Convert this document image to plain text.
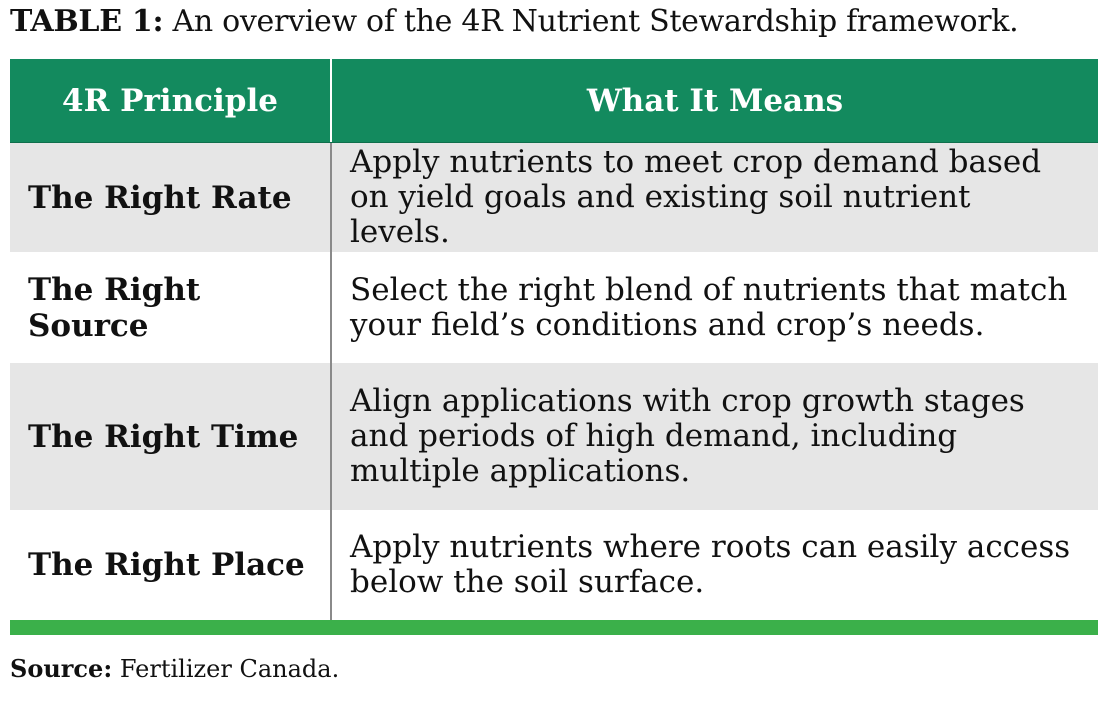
TABLE 1: An overview of the 4R Nutrient Stewardship framework.
4R Principle	What It Means
The Right Rate
Apply nutrients to meet crop demand based on yield goals and existing soil nutrient levels.
The Right Source
Select the right blend of nutrients that match your field’s conditions and crop’s needs.
The Right Time
Align applications with crop growth stages and periods of high demand, including multiple applications.
The Right Place	Apply nutrients where roots can easily access below the soil surface.
Source: Fertilizer Canada.
